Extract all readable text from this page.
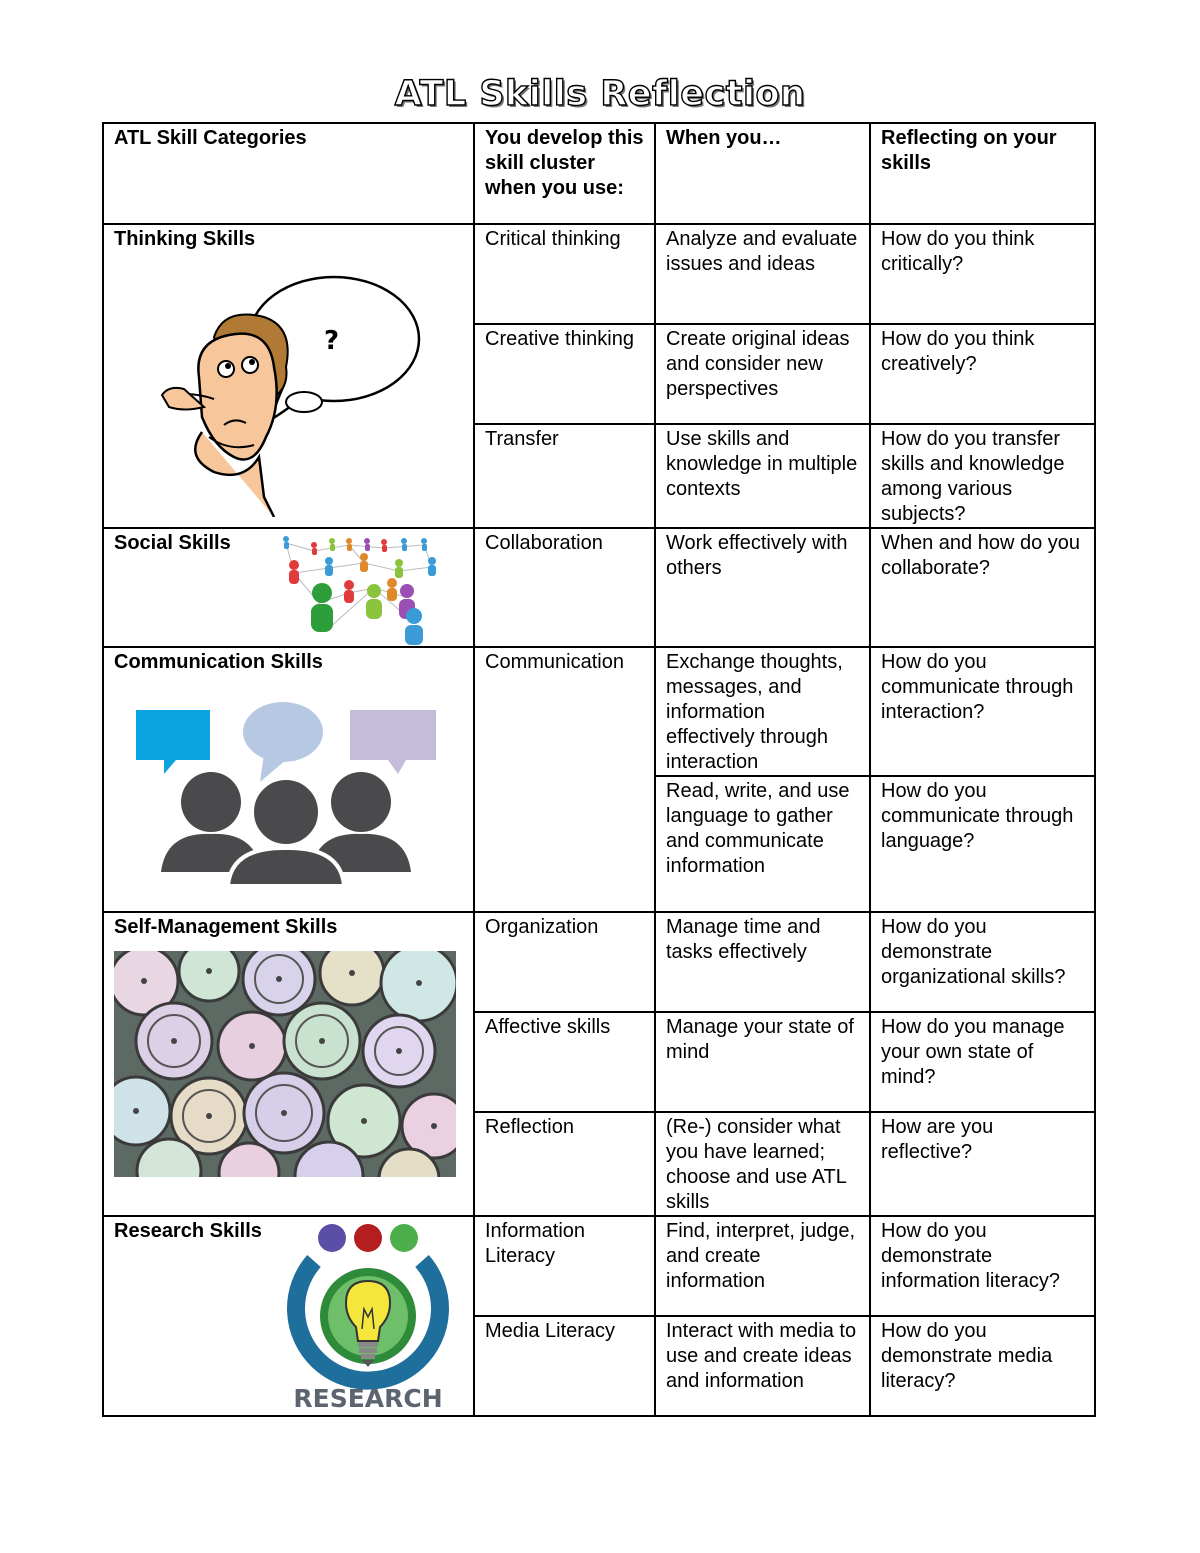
ATL Skills Reflection
ATL Skill Categories	You develop this skill cluster when you use:	When you…	Reflecting on your skills

Thinking Skills
?	Critical thinking	Analyze and evaluate issues and ideas	How do you think critically?
	Creative thinking	Create original ideas and consider new perspectives	How do you think creatively?
	Transfer	Use skills and knowledge in multiple contexts	How do you transfer skills and knowledge among various subjects?

Social Skills	Collaboration	Work effectively with others	When and how do you collaborate?

Communication Skills	Communication	Exchange thoughts, messages, and information effectively through interaction	How do you communicate through interaction?
		Read, write, and use language to gather and communicate information	How do you communicate through language?

Self-Management Skills	Organization	Manage time and tasks effectively	How do you demonstrate organizational skills?
	Affective skills	Manage your state of mind	How do you manage your own state of mind?
	Reflection	(Re-) consider what you have learned; choose and use ATL skills	How are you reflective?

Research Skills
RESEARCH	Information Literacy	Find, interpret, judge, and create information	How do you demonstrate information literacy?
	Media Literacy	Interact with media to use and create ideas and information	How do you demonstrate media literacy?
